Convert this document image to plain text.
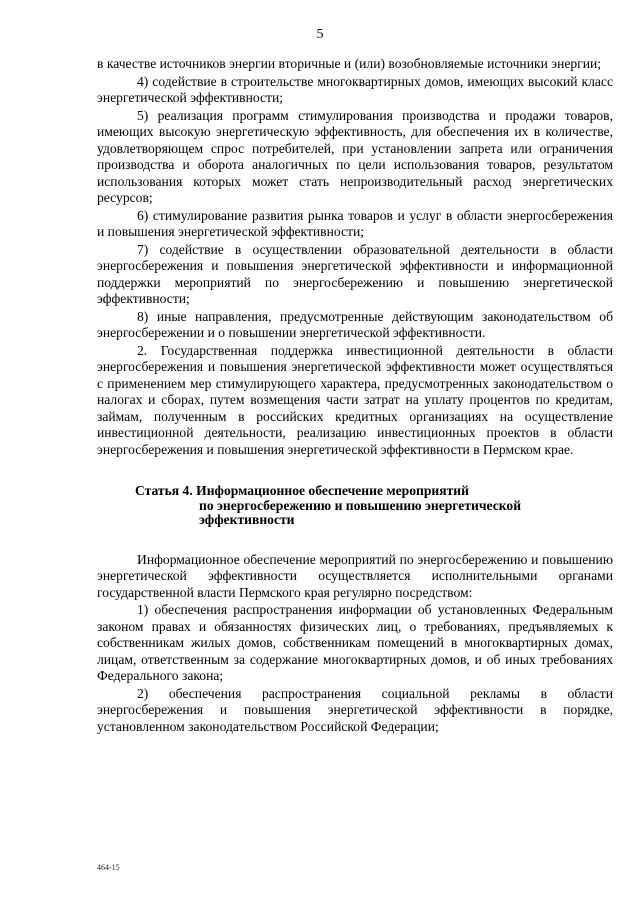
5

в качестве источников энергии вторичные и (или) возобновляемые источники энергии;

4) содействие в строительстве многоквартирных домов, имеющих высокий класс энергетической эффективности;

5) реализация программ стимулирования производства и продажи товаров, имеющих высокую энергетическую эффективность, для обеспечения их в количестве, удовлетворяющем спрос потребителей, при установлении запрета или ограничения производства и оборота аналогичных по цели использования товаров, результатом использования которых может стать непроизводительный расход энергетических ресурсов;

6) стимулирование развития рынка товаров и услуг в области энергосбережения и повышения энергетической эффективности;

7) содействие в осуществлении образовательной деятельности в области энергосбережения и повышения энергетической эффективности и информационной поддержки мероприятий по энергосбережению и повышению энергетической эффективности;

8) иные направления, предусмотренные действующим законодательством об энергосбережении и о повышении энергетической эффективности.

2. Государственная поддержка инвестиционной деятельности в области энергосбережения и повышения энергетической эффективности может осуществляться с применением мер стимулирующего характера, предусмотренных законодательством о налогах и сборах, путем возмещения части затрат на уплату процентов по кредитам, займам, полученным в российских кредитных организациях на осуществление инвестиционной деятельности, реализацию инвестиционных проектов в области энергосбережения и повышения энергетической эффективности в Пермском крае.

Статья 4. Информационное обеспечение мероприятий
по энергосбережению и повышению энергетической
эффективности

Информационное обеспечение мероприятий по энергосбережению и повышению энергетической эффективности осуществляется исполнительными органами государственной власти Пермского края регулярно посредством:

1) обеспечения распространения информации об установленных Федеральным законом правах и обязанностях физических лиц, о требованиях, предъявляемых к собственникам жилых домов, собственникам помещений в многоквартирных домах, лицам, ответственным за содержание многоквартирных домов, и об иных требованиях Федерального закона;

2) обеспечения распространения социальной рекламы в области энергосбережения и повышения энергетической эффективности в порядке, установленном законодательством Российской Федерации;

464-15
